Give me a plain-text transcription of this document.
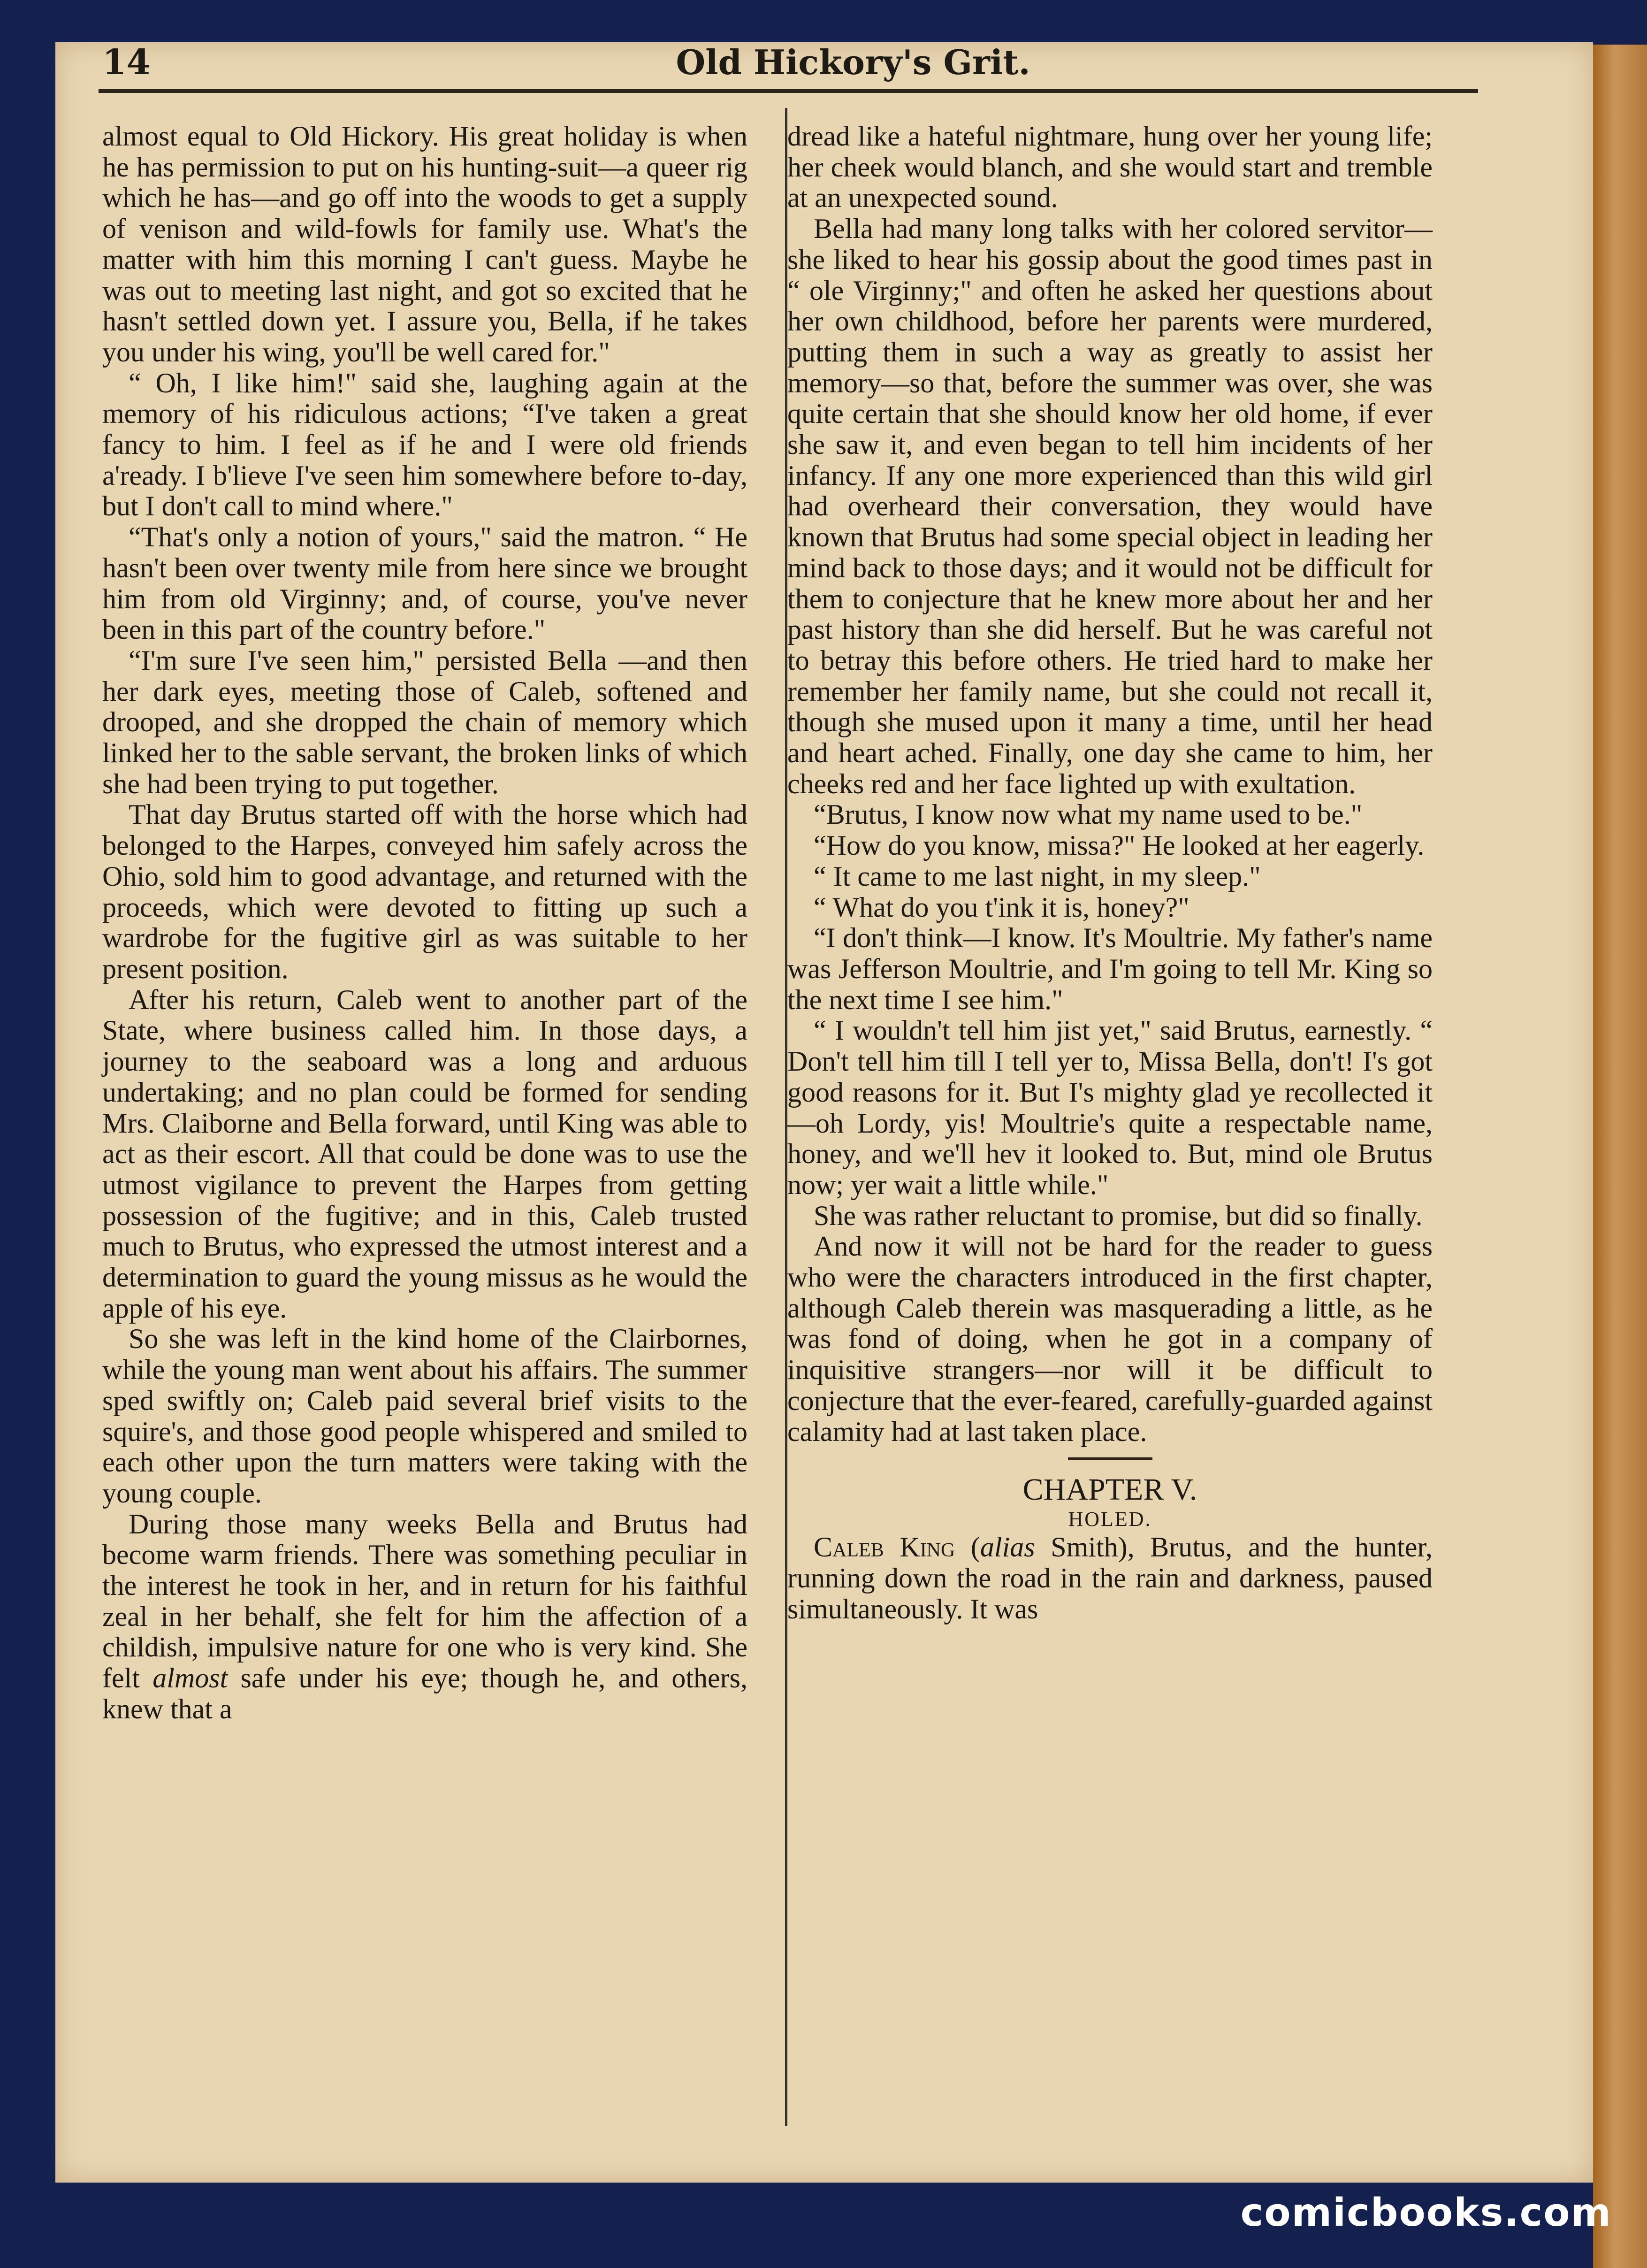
14	Old Hickory's Grit.

almost equal to Old Hickory. His great holiday is when he has permission to put on his hunting-suit—a queer rig which he has—and go off into the woods to get a supply of venison and wild-fowls for family use. What's the matter with him this morning I can't guess. Maybe he was out to meeting last night, and got so excited that he hasn't settled down yet. I assure you, Bella, if he takes you under his wing, you'll be well cared for."

“ Oh, I like him!" said she, laughing again at the memory of his ridiculous actions; “I've taken a great fancy to him. I feel as if he and I were old friends a'ready. I b'lieve I've seen him somewhere before to-day, but I don't call to mind where."

“That's only a notion of yours," said the matron. “ He hasn't been over twenty mile from here since we brought him from old Virginny; and, of course, you've never been in this part of the country before."

“I'm sure I've seen him," persisted Bella —and then her dark eyes, meeting those of Caleb, softened and drooped, and she dropped the chain of memory which linked her to the sable servant, the broken links of which she had been trying to put together.

That day Brutus started off with the horse which had belonged to the Harpes, conveyed him safely across the Ohio, sold him to good advantage, and returned with the proceeds, which were devoted to fitting up such a wardrobe for the fugitive girl as was suitable to her present position.

After his return, Caleb went to another part of the State, where business called him. In those days, a journey to the seaboard was a long and arduous undertaking; and no plan could be formed for sending Mrs. Claiborne and Bella forward, until King was able to act as their escort. All that could be done was to use the utmost vigilance to prevent the Harpes from getting possession of the fugitive; and in this, Caleb trusted much to Brutus, who expressed the utmost interest and a determination to guard the young missus as he would the apple of his eye.

So she was left in the kind home of the Clairbornes, while the young man went about his affairs. The summer sped swiftly on; Caleb paid several brief visits to the squire's, and those good people whispered and smiled to each other upon the turn matters were taking with the young couple.

During those many weeks Bella and Brutus had become warm friends. There was something peculiar in the interest he took in her, and in return for his faithful zeal in her behalf, she felt for him the affection of a childish, impulsive nature for one who is very kind. She felt almost safe under his eye; though he, and others, knew that a

dread like a hateful nightmare, hung over her young life; her cheek would blanch, and she would start and tremble at an unexpected sound.

Bella had many long talks with her colored servitor—she liked to hear his gossip about the good times past in “ ole Virginny;" and often he asked her questions about her own childhood, before her parents were murdered, putting them in such a way as greatly to assist her memory—so that, before the summer was over, she was quite certain that she should know her old home, if ever she saw it, and even began to tell him incidents of her infancy. If any one more experienced than this wild girl had overheard their conversation, they would have known that Brutus had some special object in leading her mind back to those days; and it would not be difficult for them to conjecture that he knew more about her and her past history than she did herself. But he was careful not to betray this before others. He tried hard to make her remember her family name, but she could not recall it, though she mused upon it many a time, until her head and heart ached. Finally, one day she came to him, her cheeks red and her face lighted up with exultation.

“Brutus, I know now what my name used to be."

“How do you know, missa?" He looked at her eagerly.

“ It came to me last night, in my sleep."

“ What do you t'ink it is, honey?"

“I don't think—I know. It's Moultrie. My father's name was Jefferson Moultrie, and I'm going to tell Mr. King so the next time I see him."

“ I wouldn't tell him jist yet," said Brutus, earnestly. “ Don't tell him till I tell yer to, Missa Bella, don't! I's got good reasons for it. But I's mighty glad ye recollected it—oh Lordy, yis! Moultrie's quite a respectable name, honey, and we'll hev it looked to. But, mind ole Brutus now; yer wait a little while."

She was rather reluctant to promise, but did so finally.

And now it will not be hard for the reader to guess who were the characters introduced in the first chapter, although Caleb therein was masquerading a little, as he was fond of doing, when he got in a company of inquisitive strangers—nor will it be difficult to conjecture that the ever-feared, carefully-guarded against calamity had at last taken place.

CHAPTER V.

HOLED.

Caleb King (alias Smith), Brutus, and the hunter, running down the road in the rain and darkness, paused simultaneously. It was

comicbooks.com
